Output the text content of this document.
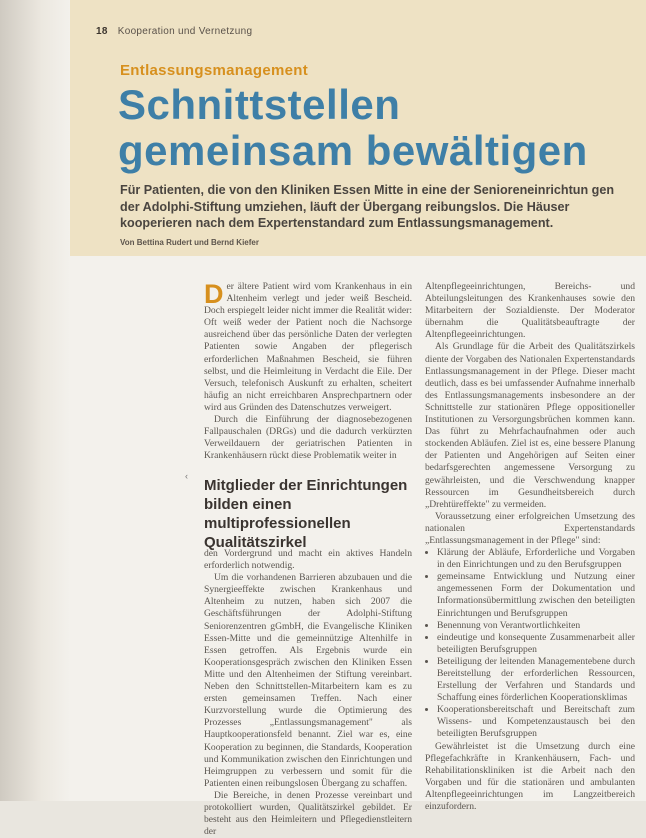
18 Kooperation und Vernetzung
Entlassungsmanagement
Schnittstellen gemeinsam bewältigen
Für Patienten, die von den Kliniken Essen Mitte in eine der Senioreneinrichtun gen der Adolphi-Stiftung umziehen, läuft der Übergang reibungslos. Die Häuser kooperieren nach dem Expertenstandard zum Entlassungsmanagement.
Von Bettina Rudert und Bernd Kiefer

Der ältere Patient wird vom Krankenhaus in ein Altenheim verlegt und jeder weiß Bescheid. Doch erspiegelt leider nicht immer die Realität wider: Oft weiß weder der Patient noch die Nachsorge ausreichend über das persönliche Daten der verlegten Patienten sowie Angaben der pflegerisch erforderlichen Maßnahmen Bescheid, sie führen selbst, und die Heimleitung in Verdacht die Eile. Der Versuch, telefonisch Auskunft zu erhalten, scheitert häufig an nicht erreichbaren Ansprechpartnern oder wird aus Gründen des Datenschutzes verweigert.

Durch die Einführung der diagnosebezogenen Fallpauschalen (DRGs) und die dadurch verkürzten Verweildauern der geriatrischen Patienten in Krankenhäusern rückt diese Problematik weiter in

‹
Mitglieder der Einrichtungen bilden einen multiprofessionellen Qualitätszirkel

den Vordergrund und macht ein aktives Handeln erforderlich notwendig.

Um die vorhandenen Barrieren abzubauen und die Synergieeffekte zwischen Krankenhaus und Altenheim zu nutzen, haben sich 2007 die Geschäftsführungen der Adolphi-Stiftung Seniorenzentren gGmbH, die Evangelische Kliniken Essen-Mitte und die gemeinnützige Altenhilfe in Essen getroffen. Als Ergebnis wurde ein Kooperationsgespräch zwischen den Kliniken Essen Mitte und den Altenheimen der Stiftung vereinbart. Neben den Schnittstellen-Mitarbeitern kam es zu ersten gemeinsamen Treffen. Nach einer Kurzvorstellung wurde die Optimierung des Prozesses „Entlassungsmanagement" als Hauptkooperationsfeld benannt. Ziel war es, eine Kooperation zu beginnen, die Standards, Kooperation und Kommunikation zwischen den Einrichtungen und Heimgruppen zu verbessern und somit für die Patienten einen reibungslosen Übergang zu schaffen.

Die Bereiche, in denen Prozesse vereinbart und protokolliert wurden, Qualitätszirkel gebildet. Er besteht aus den Heimleitern und Pflegedienstleitern der

Altenpflegeeinrichtungen, Bereichs- und Abteilungsleitungen des Krankenhauses sowie den Mitarbeitern der Sozialdienste. Der Moderator übernahm die Qualitätsbeauftragte der Altenpflegeeinrichtungen.

Als Grundlage für die Arbeit des Qualitätszirkels diente der Vorgaben des Nationalen Expertenstandards Entlassungsmanagement in der Pflege. Dieser macht deutlich, dass es bei umfassender Aufnahme innerhalb des Entlassungsmanagements insbesondere an der Schnittstelle zur stationären Pflege oppositioneller Institutionen zu Versorgungsbrüchen kommen kann. Das führt zu Mehrfachaufnahmen oder auch stockenden Abläufen. Ziel ist es, eine bessere Planung der Patienten und Angehörigen auf Seiten einer bedarfsgerechten angemessene Versorgung zu gewährleisten, und die Verschwendung knapper Ressourcen im Gesundheitsbereich durch „Drehtüreffekte" zu vermeiden.

Voraussetzung einer erfolgreichen Umsetzung des nationalen Expertenstandards „Entlassungsmanagement in der Pflege" sind:

• Klärung der Abläufe, Erforderliche und Vorgaben in den Einrichtungen und zu den Berufsgruppen
• gemeinsame Entwicklung und Nutzung einer angemessenen Form der Dokumentation und Informationsübermittlung zwischen den beteiligten Einrichtungen und Berufsgruppen
• Benennung von Verantwortlichkeiten
• eindeutige und konsequente Zusammenarbeit aller beteiligten Berufsgruppen
• Beteiligung der leitenden Managementebene durch Bereitstellung der erforderlichen Ressourcen, Erstellung der Verfahren und Standards und Schaffung eines förderlichen Kooperationsklimas
• Kooperationsbereitschaft und Bereitschaft zum Wissens- und Kompetenzaustausch bei den beteiligten Berufsgruppen

Gewährleistet ist die Umsetzung durch eine Pflegefachkräfte in Krankenhäusern, Fach- und Rehabilitationskliniken ist die Arbeit nach den Vorgaben und für die stationären und ambulanten Altenpflegeeinrichtungen im Langzeitbereich einzufordern.
